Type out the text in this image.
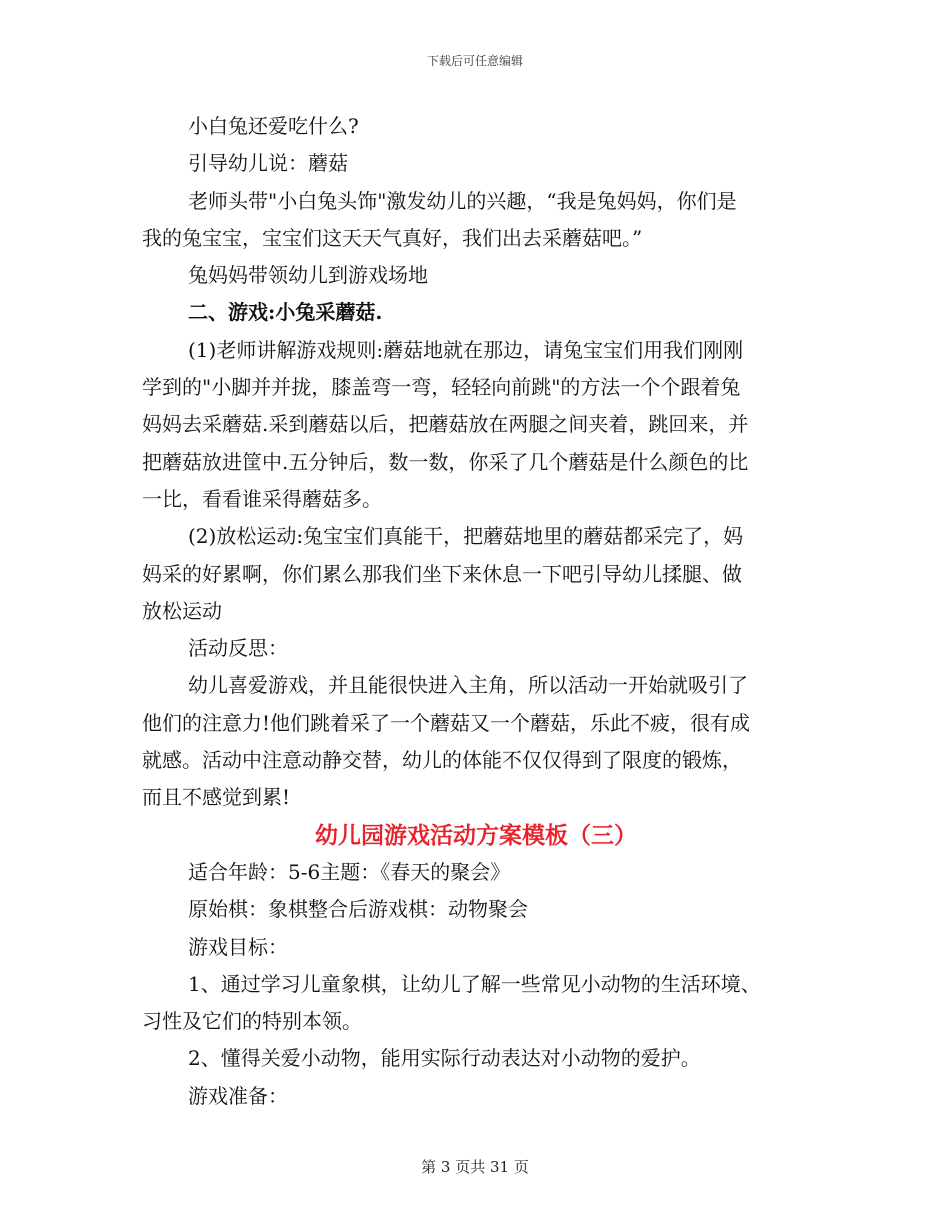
下载后可任意编辑
小白兔还爱吃什么?
引导幼儿说：蘑菇
老师头带"小白兔头饰"激发幼儿的兴趣，“我是兔妈妈，你们是
我的兔宝宝，宝宝们这天天气真好，我们出去采蘑菇吧。”
兔妈妈带领幼儿到游戏场地
二、游戏:小兔采蘑菇.
(1)老师讲解游戏规则:蘑菇地就在那边，请兔宝宝们用我们刚刚
学到的"小脚并并拢，膝盖弯一弯，轻轻向前跳"的方法一个个跟着兔
妈妈去采蘑菇.采到蘑菇以后，把蘑菇放在两腿之间夹着，跳回来，并
把蘑菇放进筐中.五分钟后，数一数，你采了几个蘑菇是什么颜色的比
一比，看看谁采得蘑菇多。
(2)放松运动:兔宝宝们真能干，把蘑菇地里的蘑菇都采完了，妈
妈采的好累啊，你们累么那我们坐下来休息一下吧引导幼儿揉腿、做
放松运动
活动反思：
幼儿喜爱游戏，并且能很快进入主角，所以活动一开始就吸引了
他们的注意力!他们跳着采了一个蘑菇又一个蘑菇，乐此不疲，很有成
就感。活动中注意动静交替，幼儿的体能不仅仅得到了限度的锻炼，
而且不感觉到累!
幼儿园游戏活动方案模板（三）
适合年龄：5-6主题：《春天的聚会》
原始棋：象棋整合后游戏棋：动物聚会
游戏目标：
1、通过学习儿童象棋，让幼儿了解一些常见小动物的生活环境、
习性及它们的特别本领。
2、懂得关爱小动物，能用实际行动表达对小动物的爱护。
游戏准备：
第 3 页共 31 页
